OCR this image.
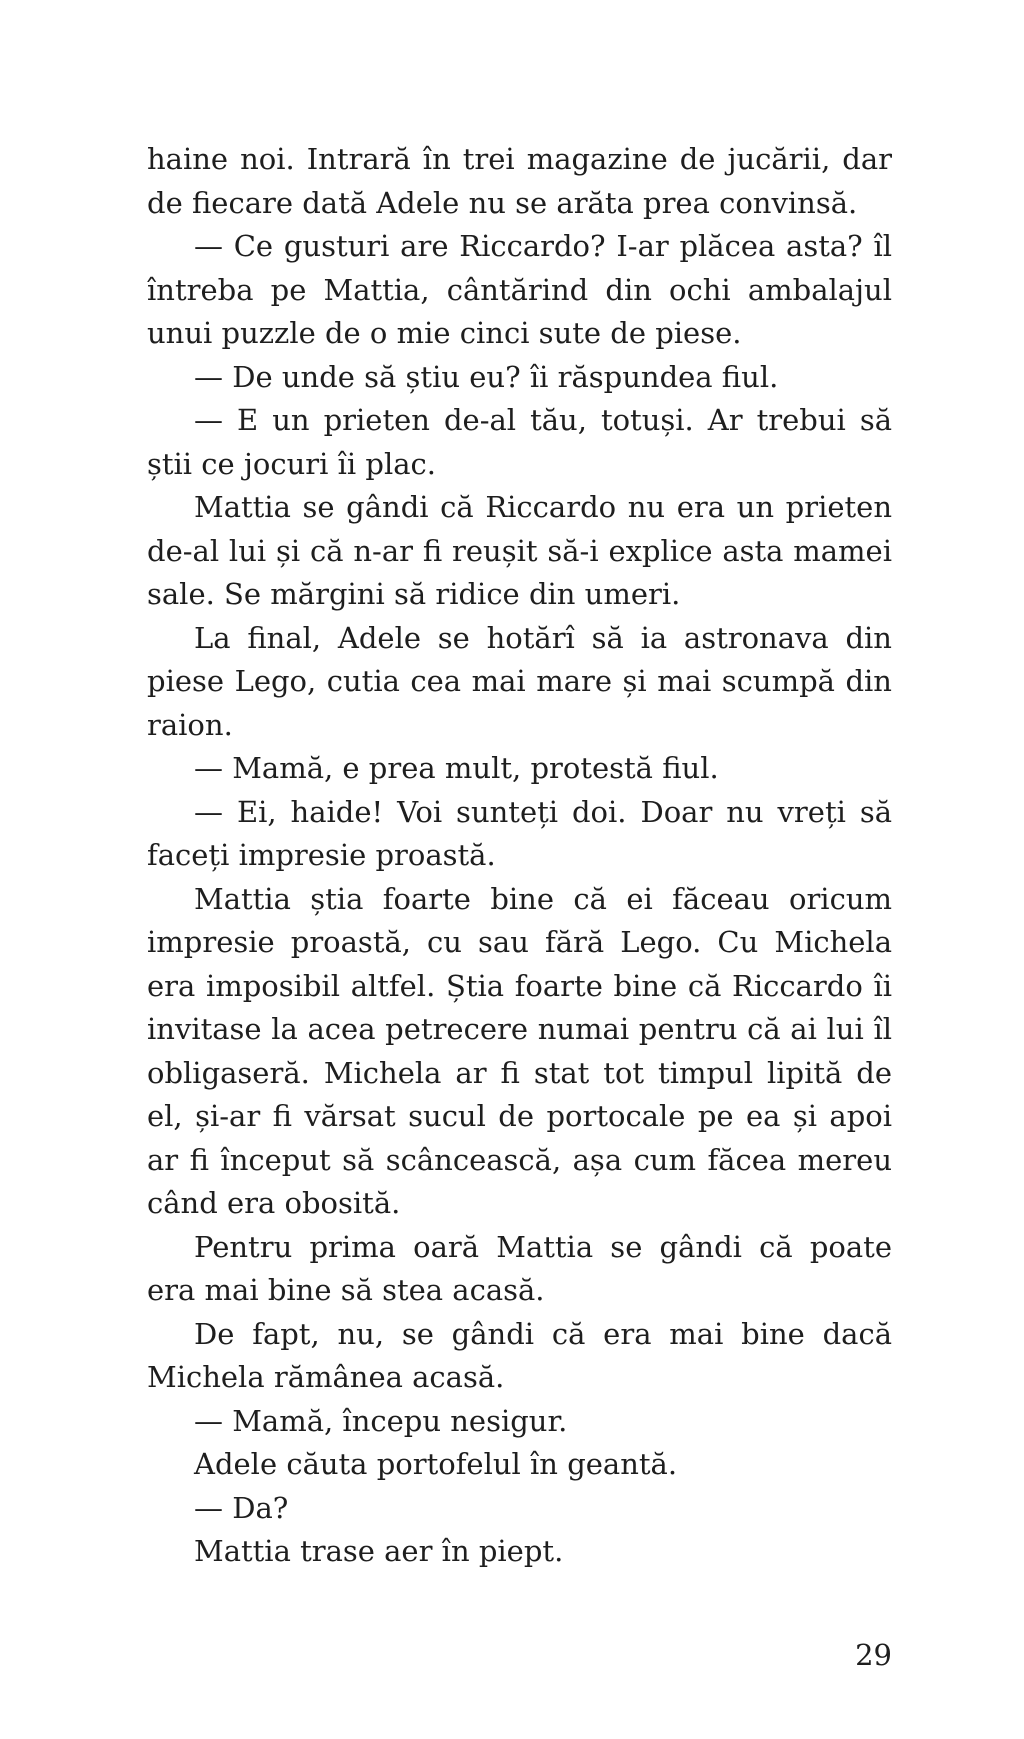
haine noi. Intrară în trei magazine de jucării, dar de fiecare dată Adele nu se arăta prea convinsă.

— Ce gusturi are Riccardo? I-ar plăcea asta? îl întreba pe Mattia, cântărind din ochi ambalajul unui puzzle de o mie cinci sute de piese.

— De unde să știu eu? îi răspundea fiul.

— E un prieten de-al tău, totuși. Ar trebui să știi ce jocuri îi plac.

Mattia se gândi că Riccardo nu era un prieten de-al lui și că n-ar fi reușit să-i explice asta mamei sale. Se mărgini să ridice din umeri.

La final, Adele se hotărî să ia astronava din piese Lego, cutia cea mai mare și mai scumpă din raion.

— Mamă, e prea mult, protestă fiul.

— Ei, haide! Voi sunteți doi. Doar nu vreți să faceți impresie proastă.

Mattia știa foarte bine că ei făceau oricum impresie proastă, cu sau fără Lego. Cu Michela era imposibil altfel. Știa foarte bine că Riccardo îi invitase la acea petrecere numai pentru că ai lui îl obligaseră. Michela ar fi stat tot timpul lipită de el, și-ar fi vărsat sucul de portocale pe ea și apoi ar fi început să scâncească, așa cum făcea mereu când era obosită.

Pentru prima oară Mattia se gândi că poate era mai bine să stea acasă.

De fapt, nu, se gândi că era mai bine dacă Michela rămânea acasă.

— Mamă, începu nesigur.

Adele căuta portofelul în geantă.

— Da?

Mattia trase aer în piept.

29
